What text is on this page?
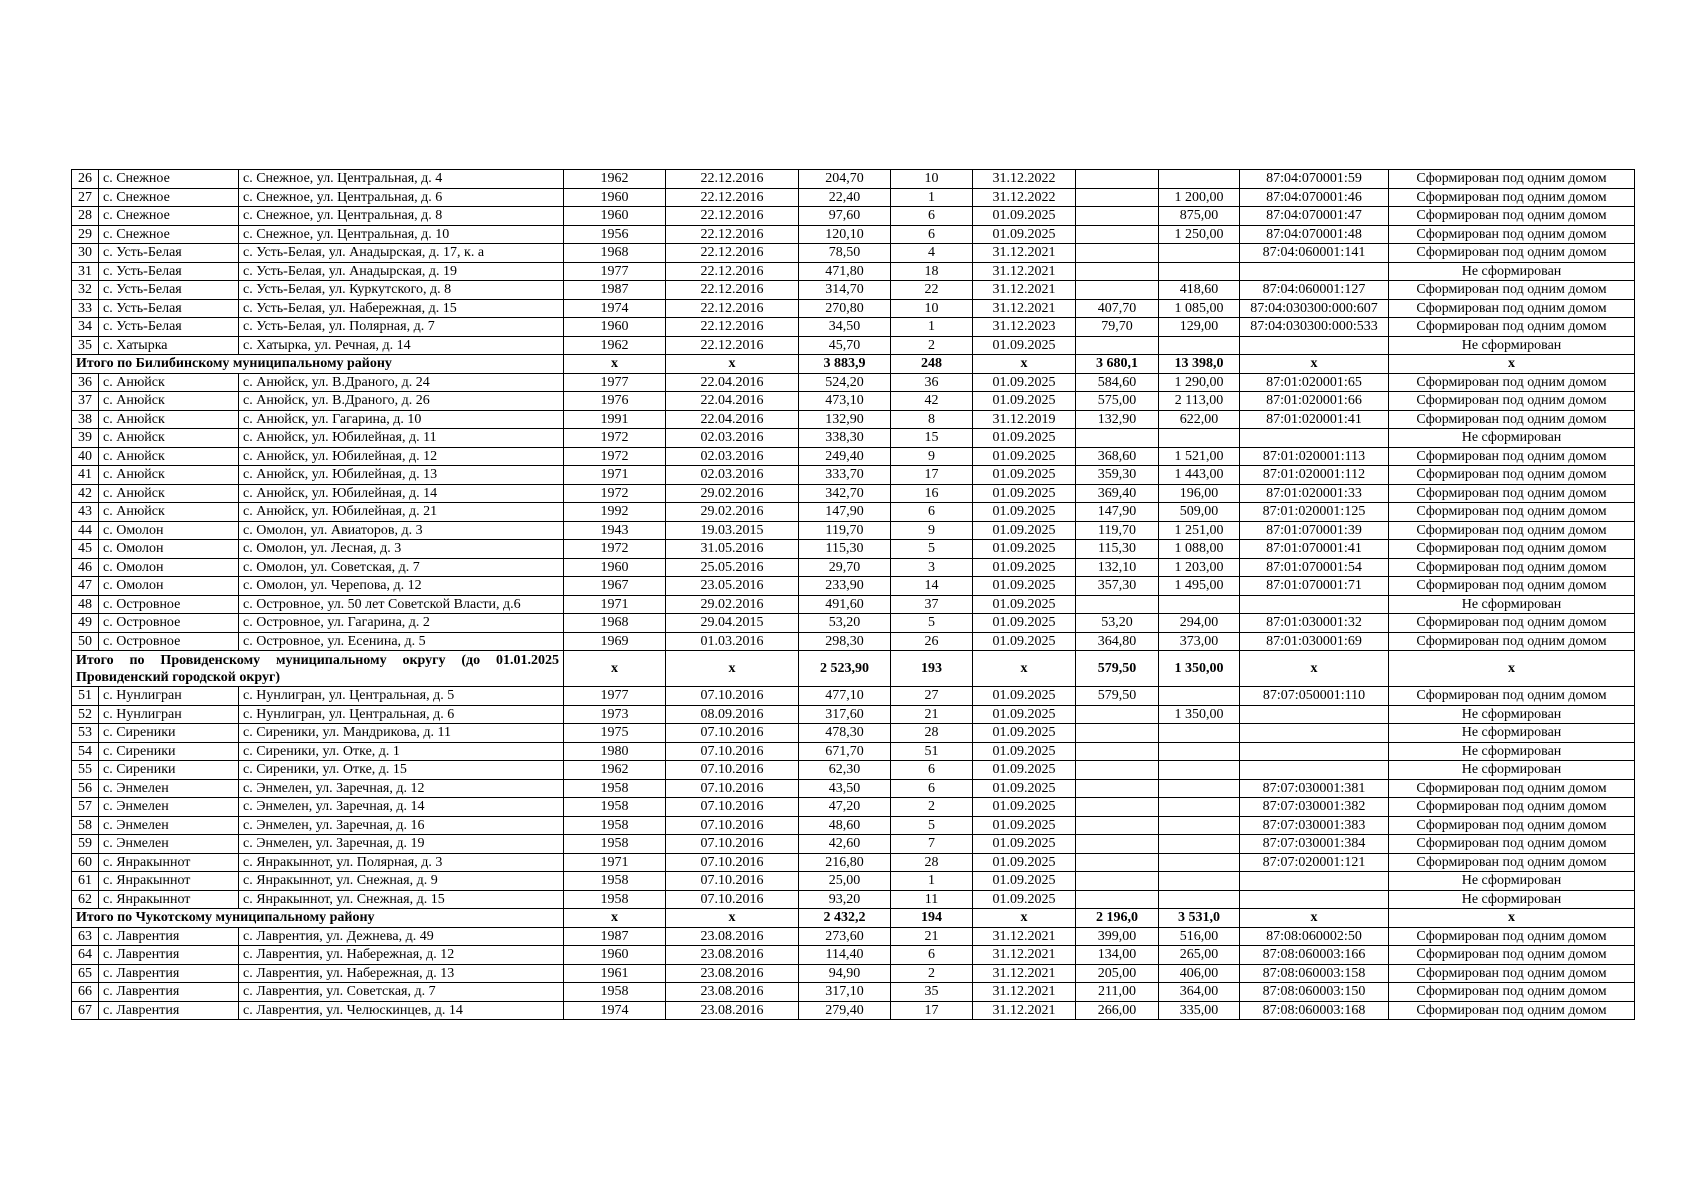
26	с. Снежное	с. Снежное, ул. Центральная, д. 4	1962	22.12.2016	204,70	10	31.12.2022			87:04:070001:59	Сформирован под одним домом
27	с. Снежное	с. Снежное, ул. Центральная, д. 6	1960	22.12.2016	22,40	1	31.12.2022		1 200,00	87:04:070001:46	Сформирован под одним домом
28	с. Снежное	с. Снежное, ул. Центральная, д. 8	1960	22.12.2016	97,60	6	01.09.2025		875,00	87:04:070001:47	Сформирован под одним домом
29	с. Снежное	с. Снежное, ул. Центральная, д. 10	1956	22.12.2016	120,10	6	01.09.2025		1 250,00	87:04:070001:48	Сформирован под одним домом
30	с. Усть-Белая	с. Усть-Белая, ул. Анадырская, д. 17, к. а	1968	22.12.2016	78,50	4	31.12.2021			87:04:060001:141	Сформирован под одним домом
31	с. Усть-Белая	с. Усть-Белая, ул. Анадырская, д. 19	1977	22.12.2016	471,80	18	31.12.2021				Не сформирован
32	с. Усть-Белая	с. Усть-Белая, ул. Куркутского, д. 8	1987	22.12.2016	314,70	22	31.12.2021		418,60	87:04:060001:127	Сформирован под одним домом
33	с. Усть-Белая	с. Усть-Белая, ул. Набережная, д. 15	1974	22.12.2016	270,80	10	31.12.2021	407,70	1 085,00	87:04:030300:000:607	Сформирован под одним домом
34	с. Усть-Белая	с. Усть-Белая, ул. Полярная, д. 7	1960	22.12.2016	34,50	1	31.12.2023	79,70	129,00	87:04:030300:000:533	Сформирован под одним домом
35	с. Хатырка	с. Хатырка, ул. Речная, д. 14	1962	22.12.2016	45,70	2	01.09.2025				Не сформирован
Итого по Билибинскому муниципальному району			x	x	3 883,9	248	x	3 680,1	13 398,0	x	x
36	с. Анюйск	с. Анюйск, ул. В.Драного, д. 24	1977	22.04.2016	524,20	36	01.09.2025	584,60	1 290,00	87:01:020001:65	Сформирован под одним домом
37	с. Анюйск	с. Анюйск, ул. В.Драного, д. 26	1976	22.04.2016	473,10	42	01.09.2025	575,00	2 113,00	87:01:020001:66	Сформирован под одним домом
38	с. Анюйск	с. Анюйск, ул. Гагарина, д. 10	1991	22.04.2016	132,90	8	31.12.2019	132,90	622,00	87:01:020001:41	Сформирован под одним домом
39	с. Анюйск	с. Анюйск, ул. Юбилейная, д. 11	1972	02.03.2016	338,30	15	01.09.2025				Не сформирован
40	с. Анюйск	с. Анюйск, ул. Юбилейная, д. 12	1972	02.03.2016	249,40	9	01.09.2025	368,60	1 521,00	87:01:020001:113	Сформирован под одним домом
41	с. Анюйск	с. Анюйск, ул. Юбилейная, д. 13	1971	02.03.2016	333,70	17	01.09.2025	359,30	1 443,00	87:01:020001:112	Сформирован под одним домом
42	с. Анюйск	с. Анюйск, ул. Юбилейная, д. 14	1972	29.02.2016	342,70	16	01.09.2025	369,40	196,00	87:01:020001:33	Сформирован под одним домом
43	с. Анюйск	с. Анюйск, ул. Юбилейная, д. 21	1992	29.02.2016	147,90	6	01.09.2025	147,90	509,00	87:01:020001:125	Сформирован под одним домом
44	с. Омолон	с. Омолон, ул. Авиаторов, д. 3	1943	19.03.2015	119,70	9	01.09.2025	119,70	1 251,00	87:01:070001:39	Сформирован под одним домом
45	с. Омолон	с. Омолон, ул. Лесная, д. 3	1972	31.05.2016	115,30	5	01.09.2025	115,30	1 088,00	87:01:070001:41	Сформирован под одним домом
46	с. Омолон	с. Омолон, ул. Советская, д. 7	1960	25.05.2016	29,70	3	01.09.2025	132,10	1 203,00	87:01:070001:54	Сформирован под одним домом
47	с. Омолон	с. Омолон, ул. Черепова, д. 12	1967	23.05.2016	233,90	14	01.09.2025	357,30	1 495,00	87:01:070001:71	Сформирован под одним домом
48	с. Островное	с. Островное, ул. 50 лет Советской Власти, д.6	1971	29.02.2016	491,60	37	01.09.2025				Не сформирован
49	с. Островное	с. Островное, ул. Гагарина, д. 2	1968	29.04.2015	53,20	5	01.09.2025	53,20	294,00	87:01:030001:32	Сформирован под одним домом
50	с. Островное	с. Островное, ул. Есенина, д. 5	1969	01.03.2016	298,30	26	01.09.2025	364,80	373,00	87:01:030001:69	Сформирован под одним домом
Итого по Провиденскому муниципальному округу (до 01.01.2025 Провиденский городской округ)			x	x	2 523,90	193	x	579,50	1 350,00	x	x
51	с. Нунлигран	с. Нунлигран, ул. Центральная, д. 5	1977	07.10.2016	477,10	27	01.09.2025	579,50		87:07:050001:110	Сформирован под одним домом
52	с. Нунлигран	с. Нунлигран, ул. Центральная, д. 6	1973	08.09.2016	317,60	21	01.09.2025		1 350,00		Не сформирован
53	с. Сиреники	с. Сиреники, ул. Мандрикова, д. 11	1975	07.10.2016	478,30	28	01.09.2025				Не сформирован
54	с. Сиреники	с. Сиреники, ул. Отке, д. 1	1980	07.10.2016	671,70	51	01.09.2025				Не сформирован
55	с. Сиреники	с. Сиреники, ул. Отке, д. 15	1962	07.10.2016	62,30	6	01.09.2025				Не сформирован
56	с. Энмелен	с. Энмелен, ул. Заречная, д. 12	1958	07.10.2016	43,50	6	01.09.2025			87:07:030001:381	Сформирован под одним домом
57	с. Энмелен	с. Энмелен, ул. Заречная, д. 14	1958	07.10.2016	47,20	2	01.09.2025			87:07:030001:382	Сформирован под одним домом
58	с. Энмелен	с. Энмелен, ул. Заречная, д. 16	1958	07.10.2016	48,60	5	01.09.2025			87:07:030001:383	Сформирован под одним домом
59	с. Энмелен	с. Энмелен, ул. Заречная, д. 19	1958	07.10.2016	42,60	7	01.09.2025			87:07:030001:384	Сформирован под одним домом
60	с. Янракыннот	с. Янракыннот, ул. Полярная, д. 3	1971	07.10.2016	216,80	28	01.09.2025			87:07:020001:121	Сформирован под одним домом
61	с. Янракыннот	с. Янракыннот, ул. Снежная, д. 9	1958	07.10.2016	25,00	1	01.09.2025				Не сформирован
62	с. Янракыннот	с. Янракыннот, ул. Снежная, д. 15	1958	07.10.2016	93,20	11	01.09.2025				Не сформирован
Итого по Чукотскому муниципальному району			x	x	2 432,2	194	x	2 196,0	3 531,0	x	x
63	с. Лаврентия	с. Лаврентия, ул. Дежнева, д. 49	1987	23.08.2016	273,60	21	31.12.2021	399,00	516,00	87:08:060002:50	Сформирован под одним домом
64	с. Лаврентия	с. Лаврентия, ул. Набережная, д. 12	1960	23.08.2016	114,40	6	31.12.2021	134,00	265,00	87:08:060003:166	Сформирован под одним домом
65	с. Лаврентия	с. Лаврентия, ул. Набережная, д. 13	1961	23.08.2016	94,90	2	31.12.2021	205,00	406,00	87:08:060003:158	Сформирован под одним домом
66	с. Лаврентия	с. Лаврентия, ул. Советская, д. 7	1958	23.08.2016	317,10	35	31.12.2021	211,00	364,00	87:08:060003:150	Сформирован под одним домом
67	с. Лаврентия	с. Лаврентия, ул. Челюскинцев, д. 14	1974	23.08.2016	279,40	17	31.12.2021	266,00	335,00	87:08:060003:168	Сформирован под одним домом
